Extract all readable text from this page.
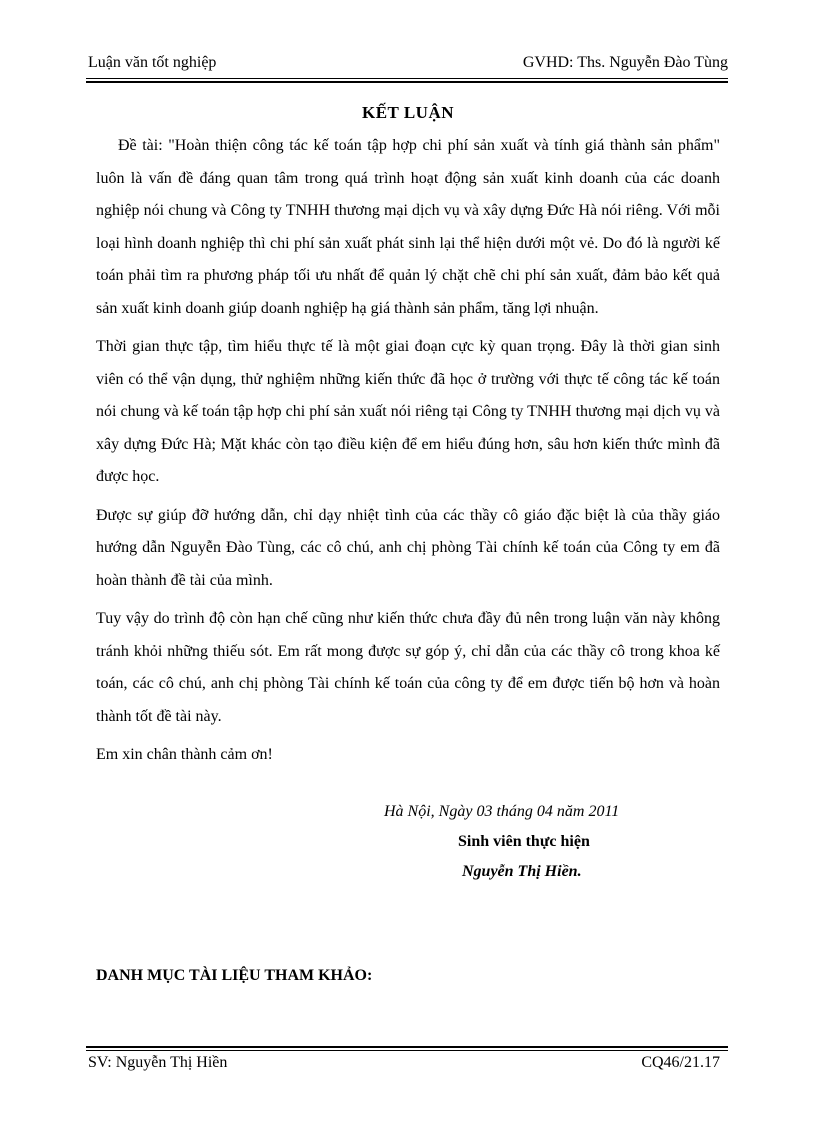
Luận văn tốt nghiệp	GVHD: Ths. Nguyễn Đào Tùng
KẾT LUẬN

Đề tài: "Hoàn thiện công tác kế toán tập hợp chi phí sản xuất và tính giá thành sản phẩm" luôn là vấn đề đáng quan tâm trong quá trình hoạt động sản xuất kinh doanh của các doanh nghiệp nói chung và Công ty TNHH thương mại dịch vụ và xây dựng Đức Hà nói riêng. Với mỗi loại hình doanh nghiệp thì chi phí sản xuất phát sinh lại thể hiện dưới một vẻ. Do đó là người kế toán phải tìm ra phương pháp tối ưu nhất để quản lý chặt chẽ chi phí sản xuất, đảm bảo kết quả sản xuất kinh doanh giúp doanh nghiệp hạ giá thành sản phẩm, tăng lợi nhuận.

Thời gian thực tập, tìm hiểu thực tế là một giai đoạn cực kỳ quan trọng. Đây là thời gian sinh viên có thể vận dụng, thử nghiệm những kiến thức đã học ở trường với thực tế công tác kế toán nói chung và kế toán tập hợp chi phí sản xuất nói riêng tại Công ty TNHH thương mại dịch vụ và xây dựng Đức Hà; Mặt khác còn tạo điều kiện để em hiểu đúng hơn, sâu hơn kiến thức mình đã được học.

Được sự giúp đỡ hướng dẫn, chỉ dạy nhiệt tình của các thầy cô giáo đặc biệt là của thầy giáo hướng dẫn Nguyễn Đào Tùng, các cô chú, anh chị phòng Tài chính kế toán của Công ty em đã hoàn thành đề tài của mình.

Tuy vậy do trình độ còn hạn chế cũng như kiến thức chưa đầy đủ nên trong luận văn này không tránh khỏi những thiếu sót. Em rất mong được sự góp ý, chỉ dẫn của các thầy cô trong khoa kế toán, các cô chú, anh chị phòng Tài chính kế toán của công ty để em được tiến bộ hơn và hoàn thành tốt đề tài này.

Em xin chân thành cảm ơn!

Hà Nội, Ngày 03 tháng 04 năm 2011
Sinh viên thực hiện
Nguyễn Thị Hiền.
DANH MỤC TÀI LIỆU THAM KHẢO:
SV: Nguyễn Thị Hiền	CQ46/21.17
